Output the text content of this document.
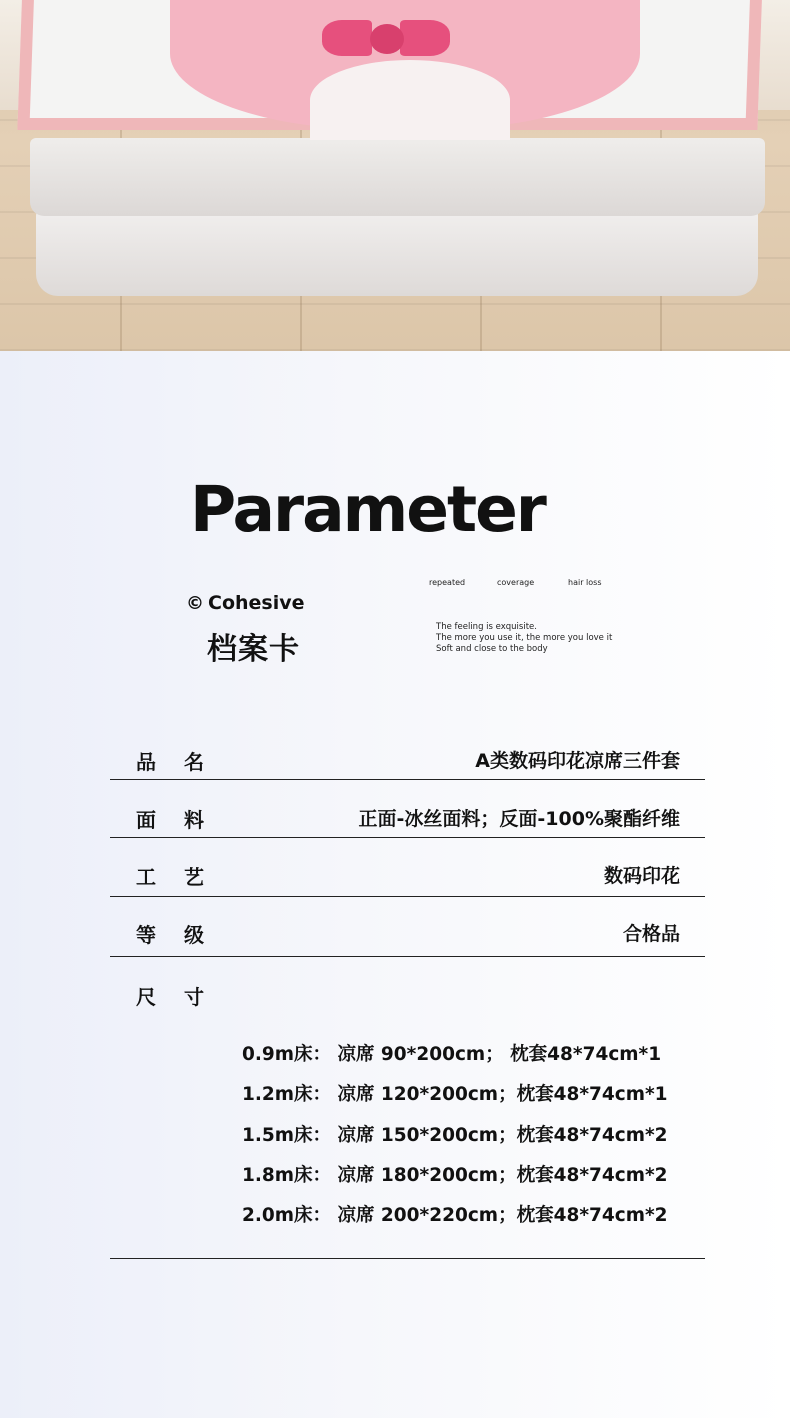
Parameter
© Cohesive
档案卡
repeated	coverage	hair loss
The feeling is exquisite.
The more you use it, the more you love it
Soft and close to the body
品名	A类数码印花凉席三件套
面料	正面-冰丝面料；反面-100%聚酯纤维
工艺	数码印花
等级	合格品
尺寸
0.9m床： 凉席 90*200cm； 枕套48*74cm*1
1.2m床： 凉席 120*200cm；枕套48*74cm*1
1.5m床： 凉席 150*200cm；枕套48*74cm*2
1.8m床： 凉席 180*200cm；枕套48*74cm*2
2.0m床： 凉席 200*220cm；枕套48*74cm*2
